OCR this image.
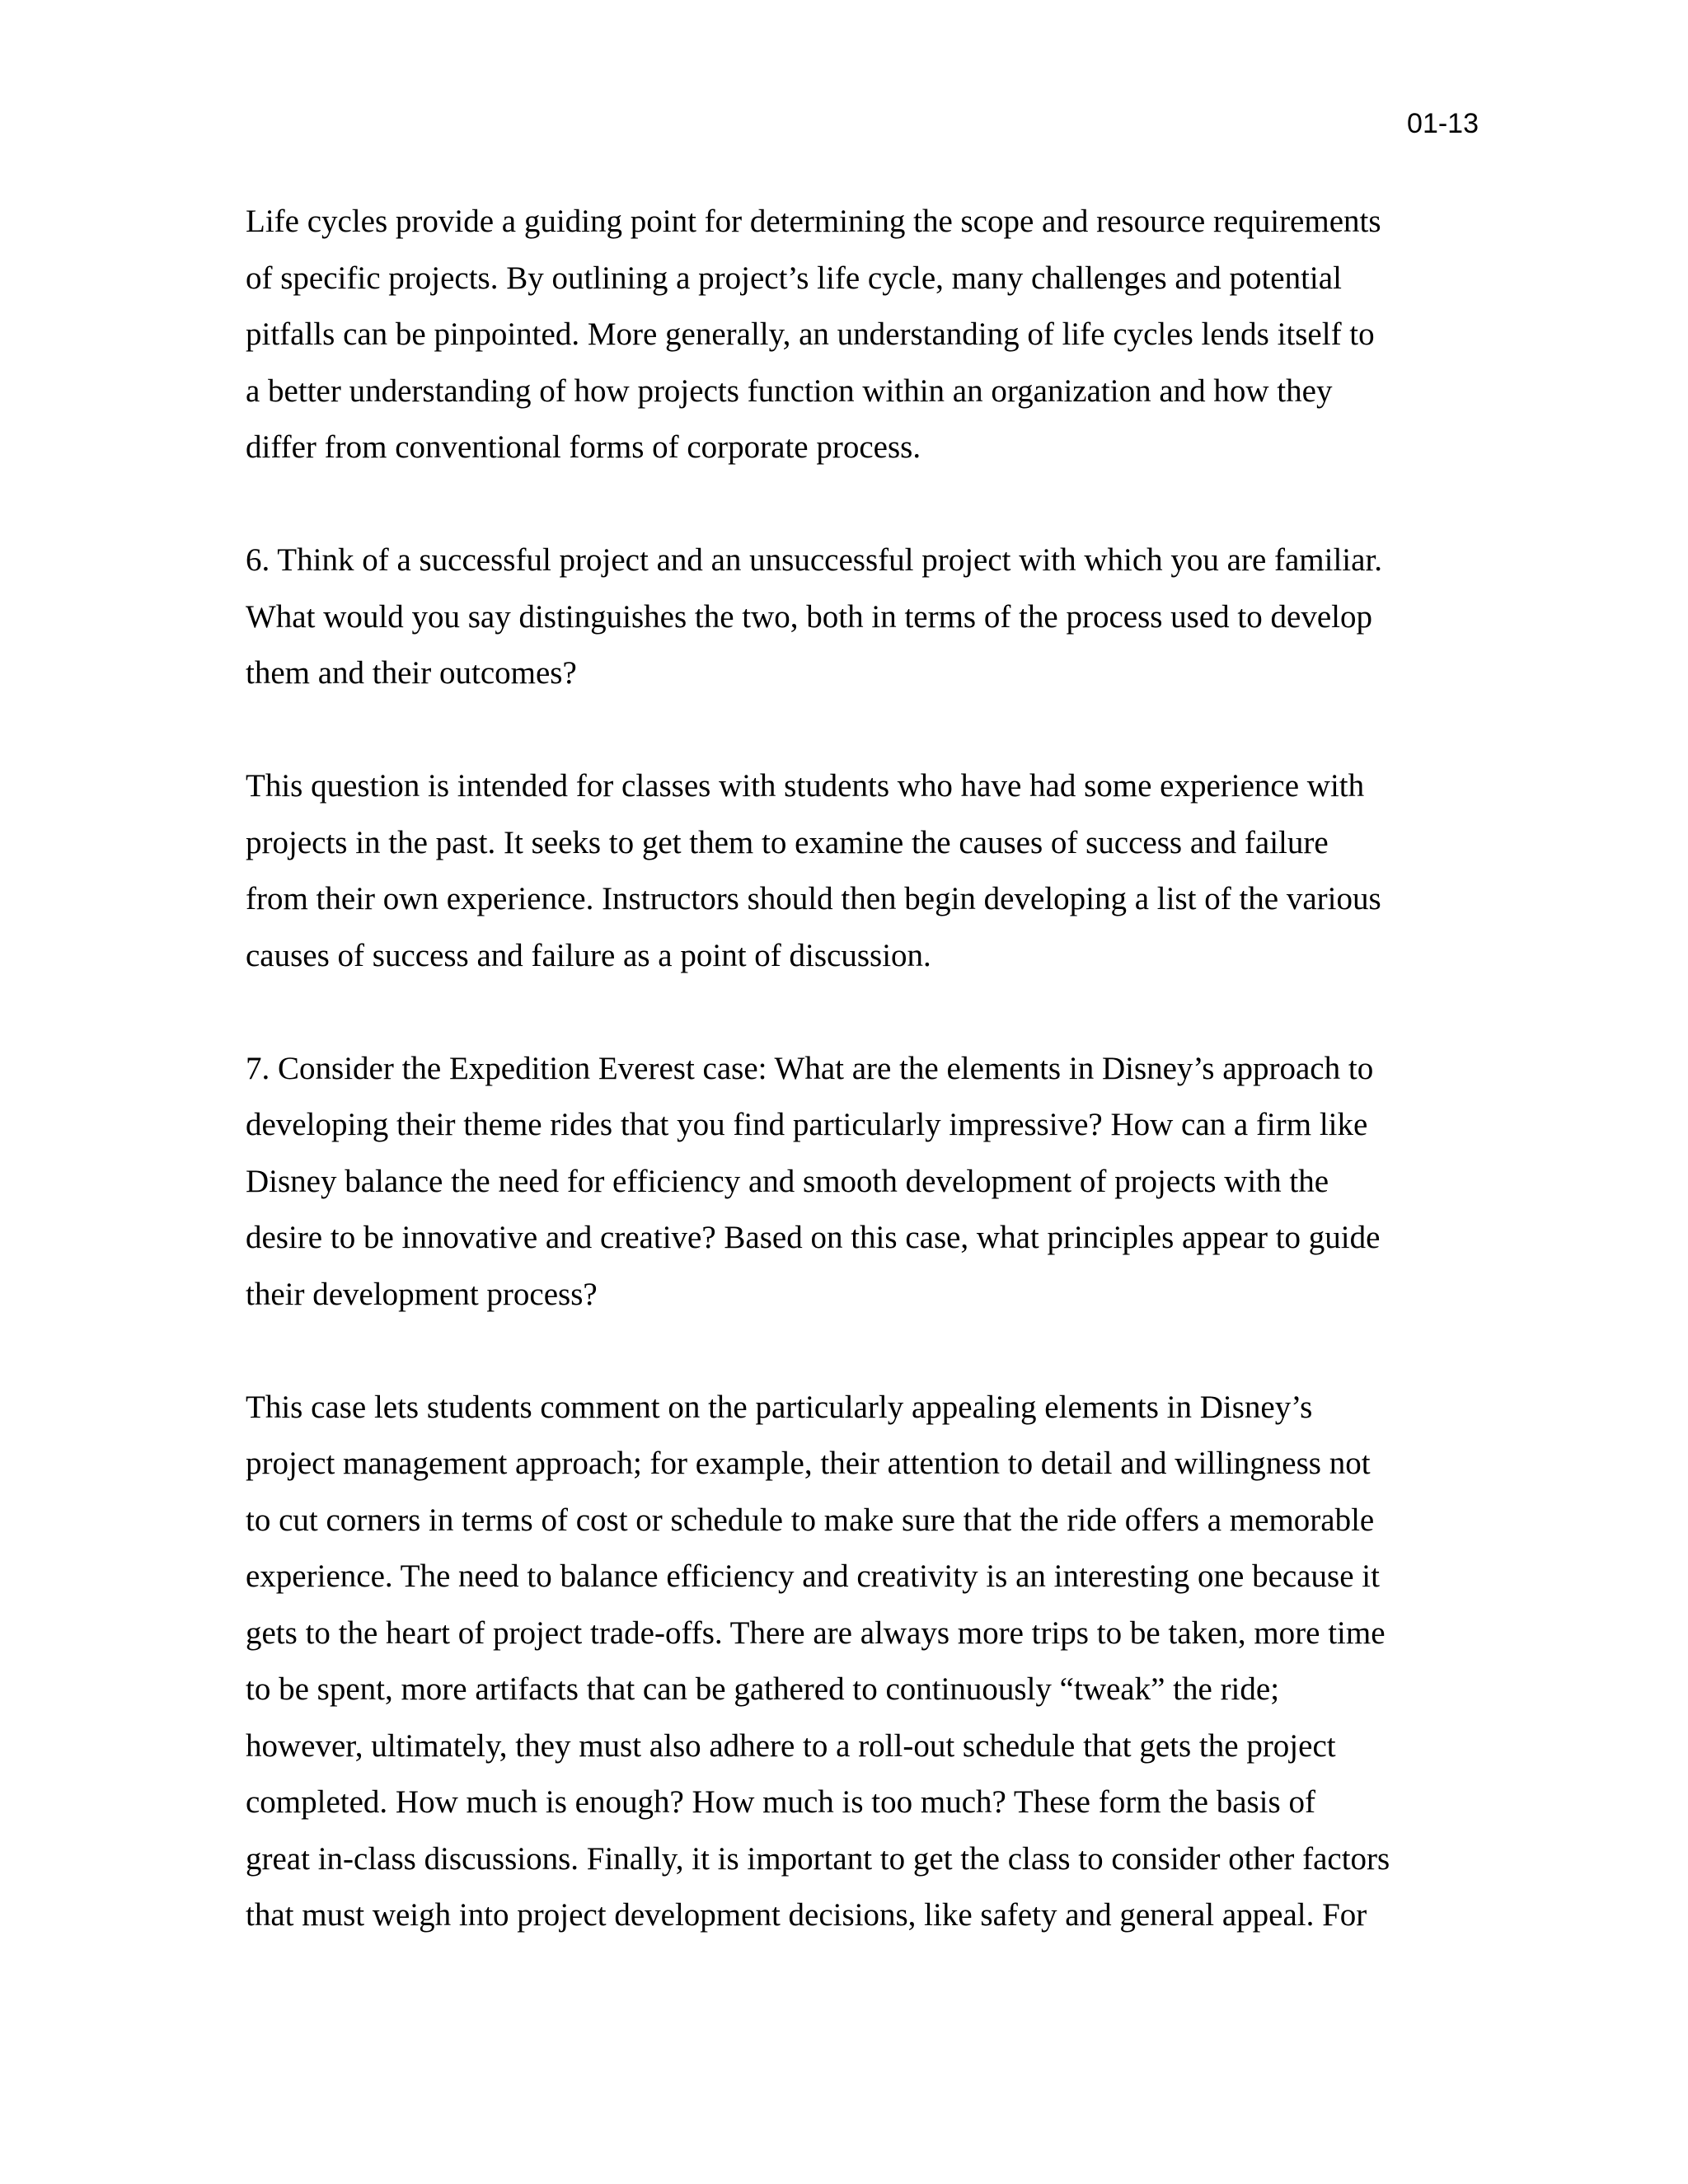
01-13

Life cycles provide a guiding point for determining the scope and resource requirements
of specific projects. By outlining a project’s life cycle, many challenges and potential
pitfalls can be pinpointed. More generally, an understanding of life cycles lends itself to
a better understanding of how projects function within an organization and how they
differ from conventional forms of corporate process.
6. Think of a successful project and an unsuccessful project with which you are familiar.
What would you say distinguishes the two, both in terms of the process used to develop
them and their outcomes?
This question is intended for classes with students who have had some experience with
projects in the past. It seeks to get them to examine the causes of success and failure
from their own experience. Instructors should then begin developing a list of the various
causes of success and failure as a point of discussion.
7. Consider the Expedition Everest case: What are the elements in Disney’s approach to
developing their theme rides that you find particularly impressive? How can a firm like
Disney balance the need for efficiency and smooth development of projects with the
desire to be innovative and creative? Based on this case, what principles appear to guide
their development process?
This case lets students comment on the particularly appealing elements in Disney’s
project management approach; for example, their attention to detail and willingness not
to cut corners in terms of cost or schedule to make sure that the ride offers a memorable
experience. The need to balance efficiency and creativity is an interesting one because it
gets to the heart of project trade-offs. There are always more trips to be taken, more time
to be spent, more artifacts that can be gathered to continuously “tweak” the ride;
however, ultimately, they must also adhere to a roll-out schedule that gets the project
completed. How much is enough? How much is too much? These form the basis of
great in-class discussions. Finally, it is important to get the class to consider other factors
that must weigh into project development decisions, like safety and general appeal. For
